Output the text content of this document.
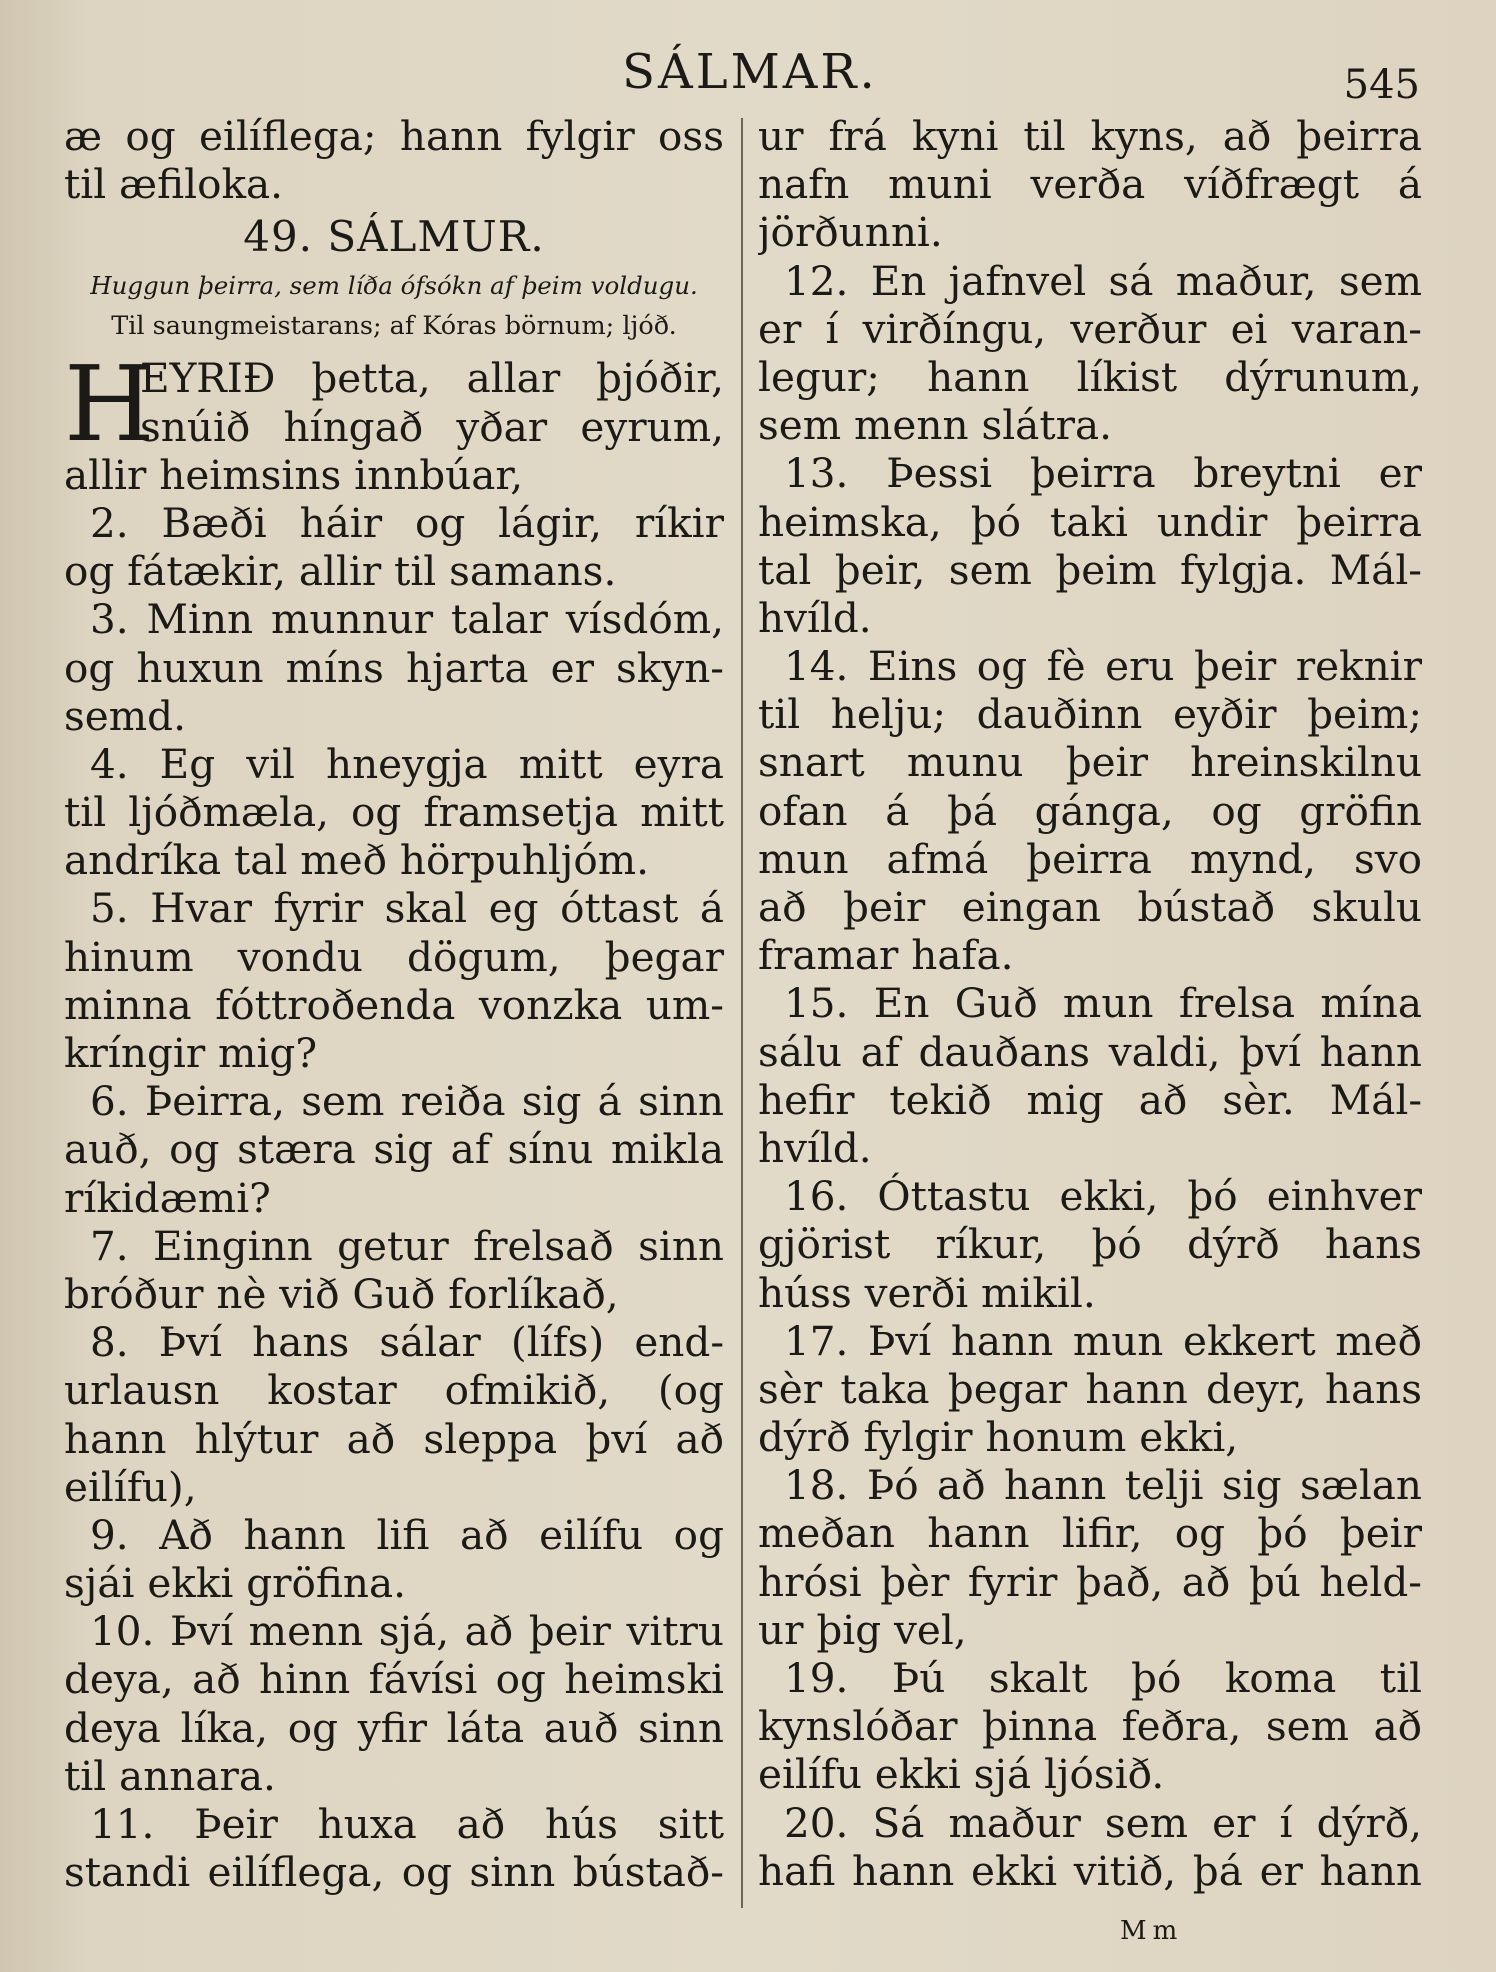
SÁLMAR.	545
æ og eilíflega; hann fylgir oss
til æfiloka.
49. SÁLMUR.
Huggun þeirra, sem líða ófsókn af þeim voldugu.
Til saungmeistarans; af Kóras börnum; ljóð.
H
EYRIÐ þetta, allar þjóðir,
snúið híngað yðar eyrum,
allir heimsins innbúar,
2. Bæði háir og lágir, ríkir
og fátækir, allir til samans.
3. Minn munnur talar vísdóm,
og huxun míns hjarta er skyn-
semd.
4. Eg vil hneygja mitt eyra
til ljóðmæla, og framsetja mitt
andríka tal með hörpuhljóm.
5. Hvar fyrir skal eg óttast á
hinum vondu dögum, þegar
minna fóttroðenda vonzka um-
kríngir mig?
6. Þeirra, sem reiða sig á sinn
auð, og stæra sig af sínu mikla
ríkidæmi?
7. Einginn getur frelsað sinn
bróður nè við Guð forlíkað,
8. Því hans sálar (lífs) end-
urlausn kostar ofmikið, (og
hann hlýtur að sleppa því að
eilífu),
9. Að hann lifi að eilífu og
sjái ekki gröfina.
10. Því menn sjá, að þeir vitru
deya, að hinn fávísi og heimski
deya líka, og yfir láta auð sinn
til annara.
11. Þeir huxa að hús sitt
standi eilíflega, og sinn bústað-
ur frá kyni til kyns, að þeirra
nafn muni verða víðfrægt á
jörðunni.
12. En jafnvel sá maður, sem
er í virðíngu, verður ei varan-
legur; hann líkist dýrunum,
sem menn slátra.
13. Þessi þeirra breytni er
heimska, þó taki undir þeirra
tal þeir, sem þeim fylgja. Mál-
hvíld.
14. Eins og fè eru þeir reknir
til helju; dauðinn eyðir þeim;
snart munu þeir hreinskilnu
ofan á þá gánga, og gröfin
mun afmá þeirra mynd, svo
að þeir eingan bústað skulu
framar hafa.
15. En Guð mun frelsa mína
sálu af dauðans valdi, því hann
hefir tekið mig að sèr. Mál-
hvíld.
16. Óttastu ekki, þó einhver
gjörist ríkur, þó dýrð hans
húss verði mikil.
17. Því hann mun ekkert með
sèr taka þegar hann deyr, hans
dýrð fylgir honum ekki,
18. Þó að hann telji sig sælan
meðan hann lifir, og þó þeir
hrósi þèr fyrir það, að þú held-
ur þig vel,
19. Þú skalt þó koma til
kynslóðar þinna feðra, sem að
eilífu ekki sjá ljósið.
20. Sá maður sem er í dýrð,
hafi hann ekki vitið, þá er hann
Mm
